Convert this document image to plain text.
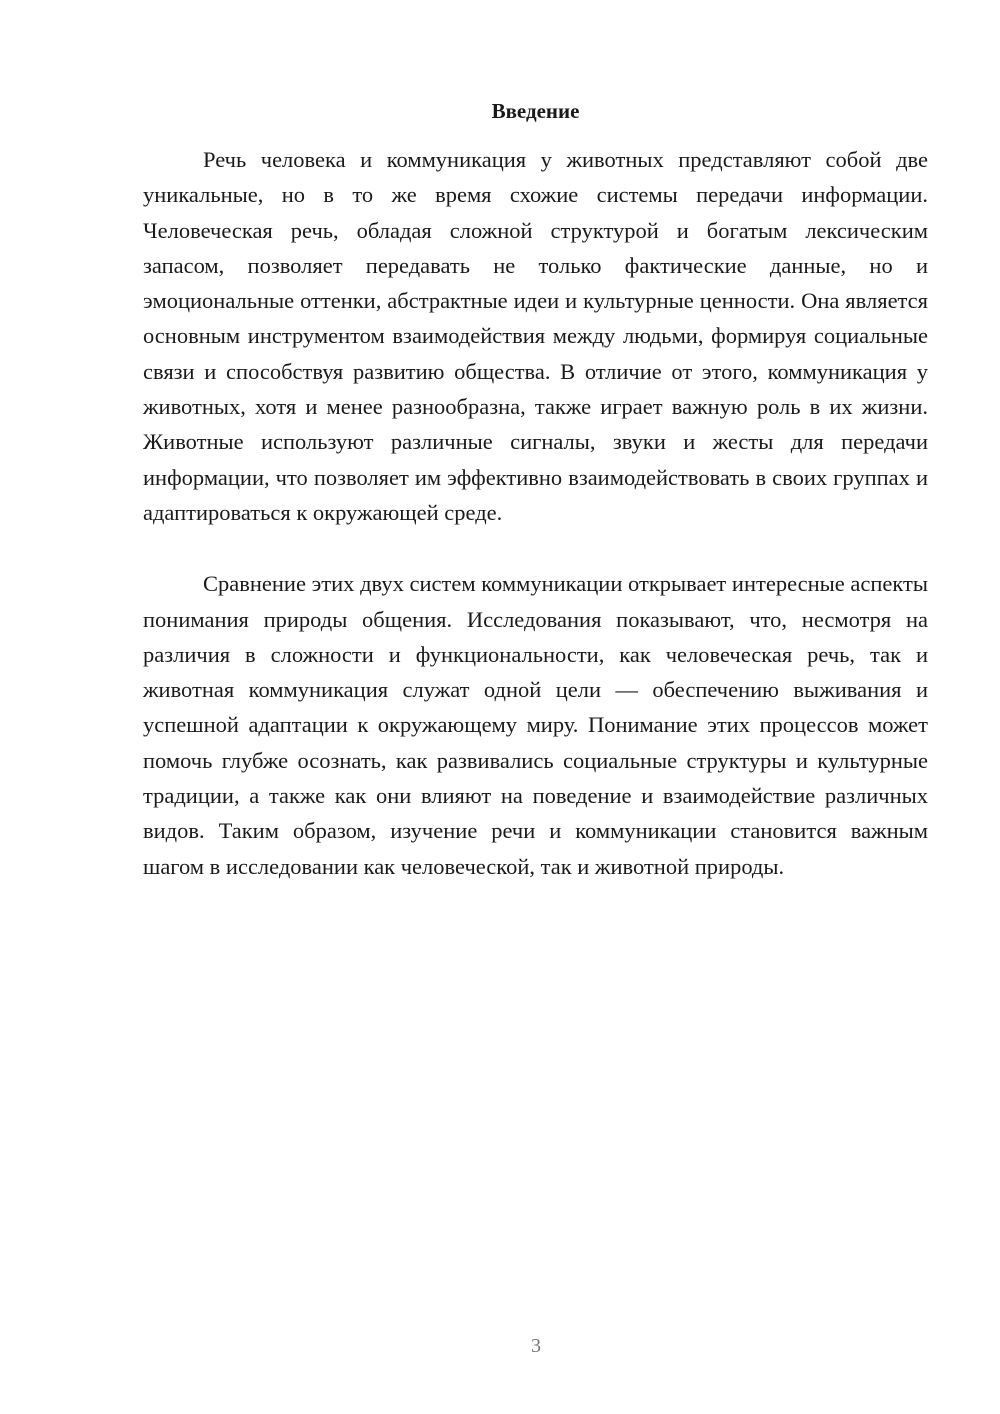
Введение

Речь человека и коммуникация у животных представляют собой две уникальные, но в то же время схожие системы передачи информации. Человеческая речь, обладая сложной структурой и богатым лексическим запасом, позволяет передавать не только фактические данные, но и эмоциональные оттенки, абстрактные идеи и культурные ценности. Она является основным инструментом взаимодействия между людьми, формируя социальные связи и способствуя развитию общества. В отличие от этого, коммуникация у животных, хотя и менее разнообразна, также играет важную роль в их жизни. Животные используют различные сигналы, звуки и жесты для передачи информации, что позволяет им эффективно взаимодействовать в своих группах и адаптироваться к окружающей среде.

Сравнение этих двух систем коммуникации открывает интересные аспекты понимания природы общения. Исследования показывают, что, несмотря на различия в сложности и функциональности, как человеческая речь, так и животная коммуникация служат одной цели — обеспечению выживания и успешной адаптации к окружающему миру. Понимание этих процессов может помочь глубже осознать, как развивались социальные структуры и культурные традиции, а также как они влияют на поведение и взаимодействие различных видов. Таким образом, изучение речи и коммуникации становится важным шагом в исследовании как человеческой, так и животной природы.

3
